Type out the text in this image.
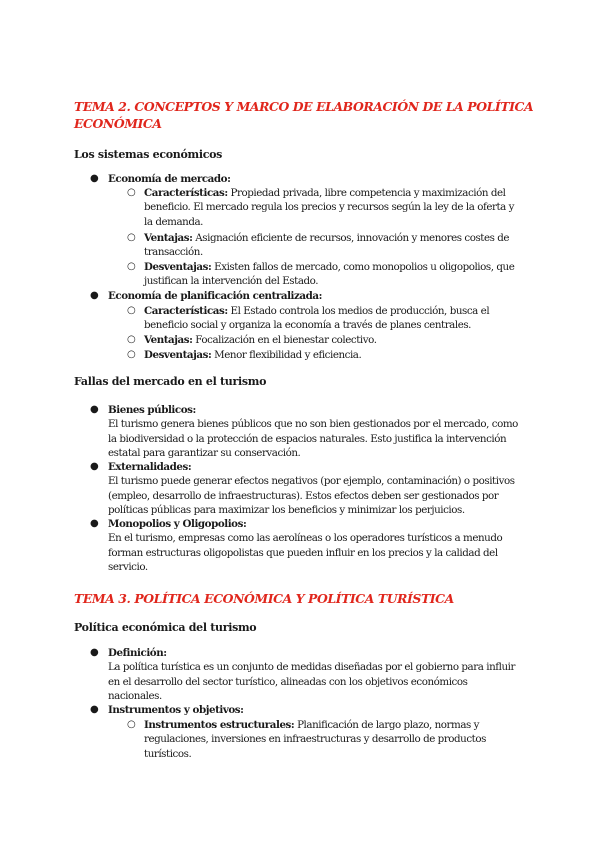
TEMA 2. CONCEPTOS Y MARCO DE ELABORACIÓN DE LA POLÍTICA ECONÓMICA
Los sistemas económicos
● Economía de mercado:
○ Características: Propiedad privada, libre competencia y maximización del beneficio. El mercado regula los precios y recursos según la ley de la oferta y la demanda.
○ Ventajas: Asignación eficiente de recursos, innovación y menores costes de transacción.
○ Desventajas: Existen fallos de mercado, como monopolios u oligopolios, que justifican la intervención del Estado.
● Economía de planificación centralizada:
○ Características: El Estado controla los medios de producción, busca el beneficio social y organiza la economía a través de planes centrales.
○ Ventajas: Focalización en el bienestar colectivo.
○ Desventajas: Menor flexibilidad y eficiencia.
Fallas del mercado en el turismo
● Bienes públicos:
El turismo genera bienes públicos que no son bien gestionados por el mercado, como la biodiversidad o la protección de espacios naturales. Esto justifica la intervención estatal para garantizar su conservación.
● Externalidades:
El turismo puede generar efectos negativos (por ejemplo, contaminación) o positivos (empleo, desarrollo de infraestructuras). Estos efectos deben ser gestionados por políticas públicas para maximizar los beneficios y minimizar los perjuicios.
● Monopolios y Oligopolios:
En el turismo, empresas como las aerolíneas o los operadores turísticos a menudo forman estructuras oligopolistas que pueden influir en los precios y la calidad del servicio.
TEMA 3. POLÍTICA ECONÓMICA Y POLÍTICA TURÍSTICA
Política económica del turismo
● Definición:
La política turística es un conjunto de medidas diseñadas por el gobierno para influir en el desarrollo del sector turístico, alineadas con los objetivos económicos nacionales.
● Instrumentos y objetivos:
○ Instrumentos estructurales: Planificación de largo plazo, normas y regulaciones, inversiones en infraestructuras y desarrollo de productos turísticos.
